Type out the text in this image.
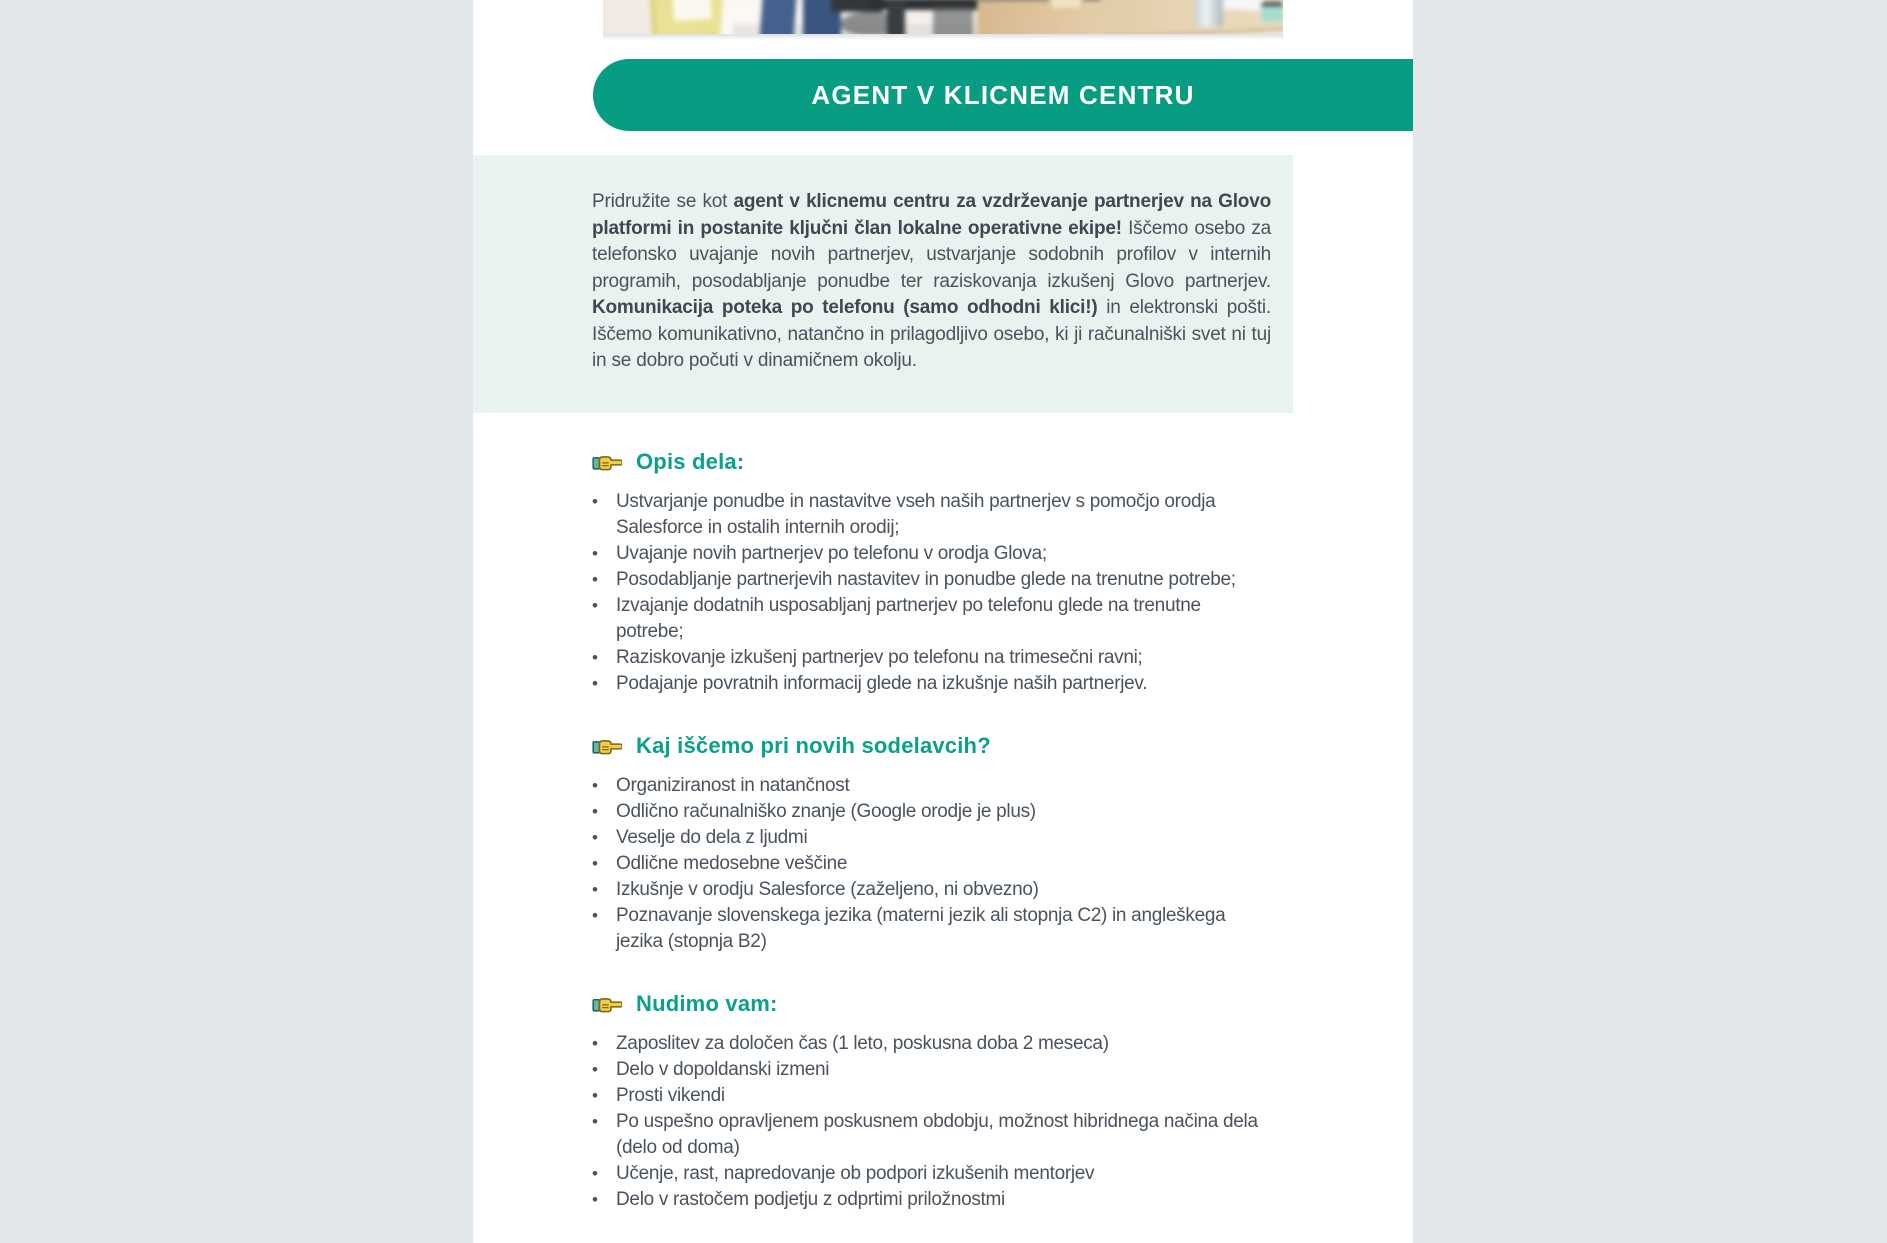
AGENT V KLICNEM CENTRU

Pridružite se kot agent v klicnemu centru za vzdrževanje partnerjev na Glovo platformi in postanite ključni član lokalne operativne ekipe! Iščemo osebo za telefonsko uvajanje novih partnerjev, ustvarjanje sodobnih profilov v internih programih, posodabljanje ponudbe ter raziskovanja izkušenj Glovo partnerjev. Komunikacija poteka po telefonu (samo odhodni klici!) in elektronski pošti. Iščemo komunikativno, natančno in prilagodljivo osebo, ki ji računalniški svet ni tuj in se dobro počuti v dinamičnem okolju.

Opis dela:
• Ustvarjanje ponudbe in nastavitve vseh naših partnerjev s pomočjo orodja Salesforce in ostalih internih orodij;
• Uvajanje novih partnerjev po telefonu v orodja Glova;
• Posodabljanje partnerjevih nastavitev in ponudbe glede na trenutne potrebe;
• Izvajanje dodatnih usposabljanj partnerjev po telefonu glede na trenutne potrebe;
• Raziskovanje izkušenj partnerjev po telefonu na trimesečni ravni;
• Podajanje povratnih informacij glede na izkušnje naših partnerjev.
Kaj iščemo pri novih sodelavcih?
• Organiziranost in natančnost
• Odlično računalniško znanje (Google orodje je plus)
• Veselje do dela z ljudmi
• Odlične medosebne veščine
• Izkušnje v orodju Salesforce (zaželjeno, ni obvezno)
• Poznavanje slovenskega jezika (materni jezik ali stopnja C2) in angleškega jezika (stopnja B2)
Nudimo vam:
• Zaposlitev za določen čas (1 leto, poskusna doba 2 meseca)
• Delo v dopoldanski izmeni
• Prosti vikendi
• Po uspešno opravljenem poskusnem obdobju, možnost hibridnega načina dela (delo od doma)
• Učenje, rast, napredovanje ob podpori izkušenih mentorjev
• Delo v rastočem podjetju z odprtimi priložnostmi
